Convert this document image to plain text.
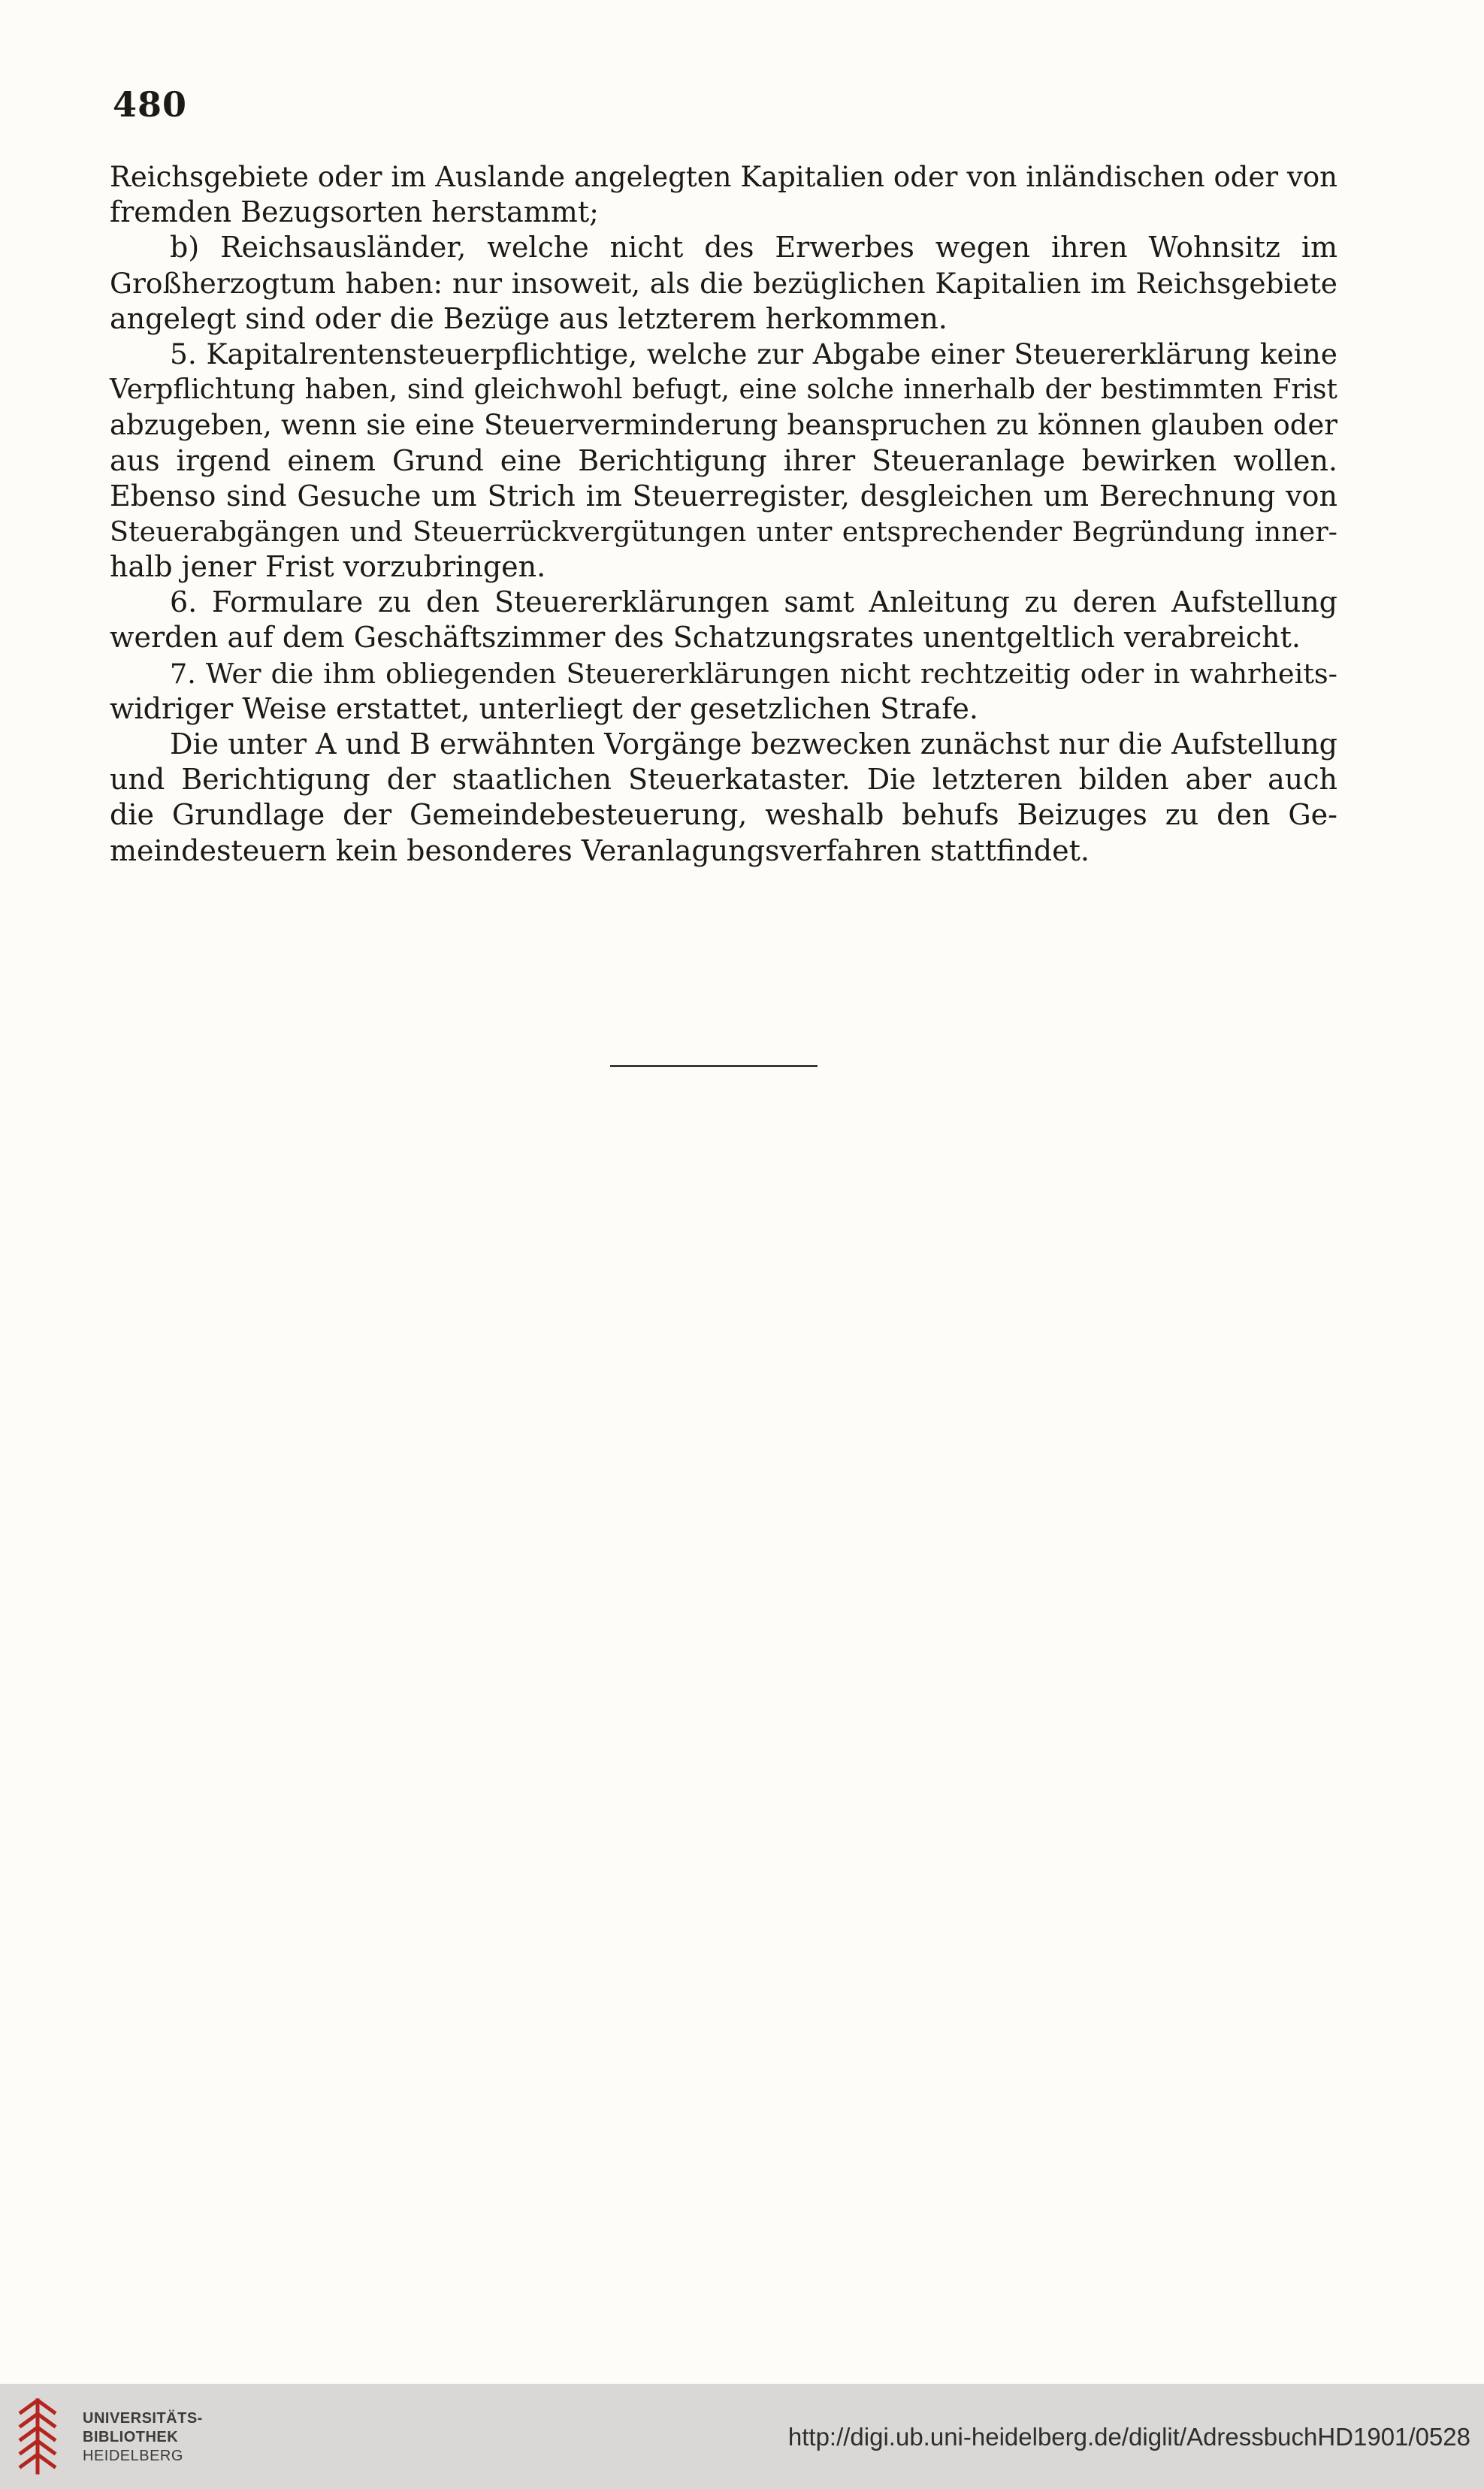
480
Reichsgebiete oder im Auslande angelegten Kapitalien oder von inländischen oder von
fremden Bezugsorten herstammt;
b) Reichsausländer, welche nicht des Erwerbes wegen ihren Wohnsitz im
Großherzogtum haben: nur insoweit, als die bezüglichen Kapitalien im Reichsgebiete
angelegt sind oder die Bezüge aus letzterem herkommen.
5. Kapitalrentensteuerpflichtige, welche zur Abgabe einer Steuererklärung keine
Verpflichtung haben, sind gleichwohl befugt, eine solche innerhalb der bestimmten Frist
abzugeben, wenn sie eine Steuerverminderung beanspruchen zu können glauben oder
aus irgend einem Grund eine Berichtigung ihrer Steueranlage bewirken wollen.
Ebenso sind Gesuche um Strich im Steuerregister, desgleichen um Berechnung von
Steuerabgängen und Steuerrückvergütungen unter entsprechender Begründung inner-
halb jener Frist vorzubringen.
6. Formulare zu den Steuererklärungen samt Anleitung zu deren Aufstellung
werden auf dem Geschäftszimmer des Schatzungsrates unentgeltlich verabreicht.
7. Wer die ihm obliegenden Steuererklärungen nicht rechtzeitig oder in wahrheits-
widriger Weise erstattet, unterliegt der gesetzlichen Strafe.
Die unter A und B erwähnten Vorgänge bezwecken zunächst nur die Aufstellung
und Berichtigung der staatlichen Steuerkataster. Die letzteren bilden aber auch
die Grundlage der Gemeindebesteuerung, weshalb behufs Beizuges zu den Ge-
meindesteuern kein besonderes Veranlagungsverfahren stattfindet.
UNIVERSITÄTS-
BIBLIOTHEK
HEIDELBERG
http://digi.ub.uni-heidelberg.de/diglit/AdressbuchHD1901/0528
